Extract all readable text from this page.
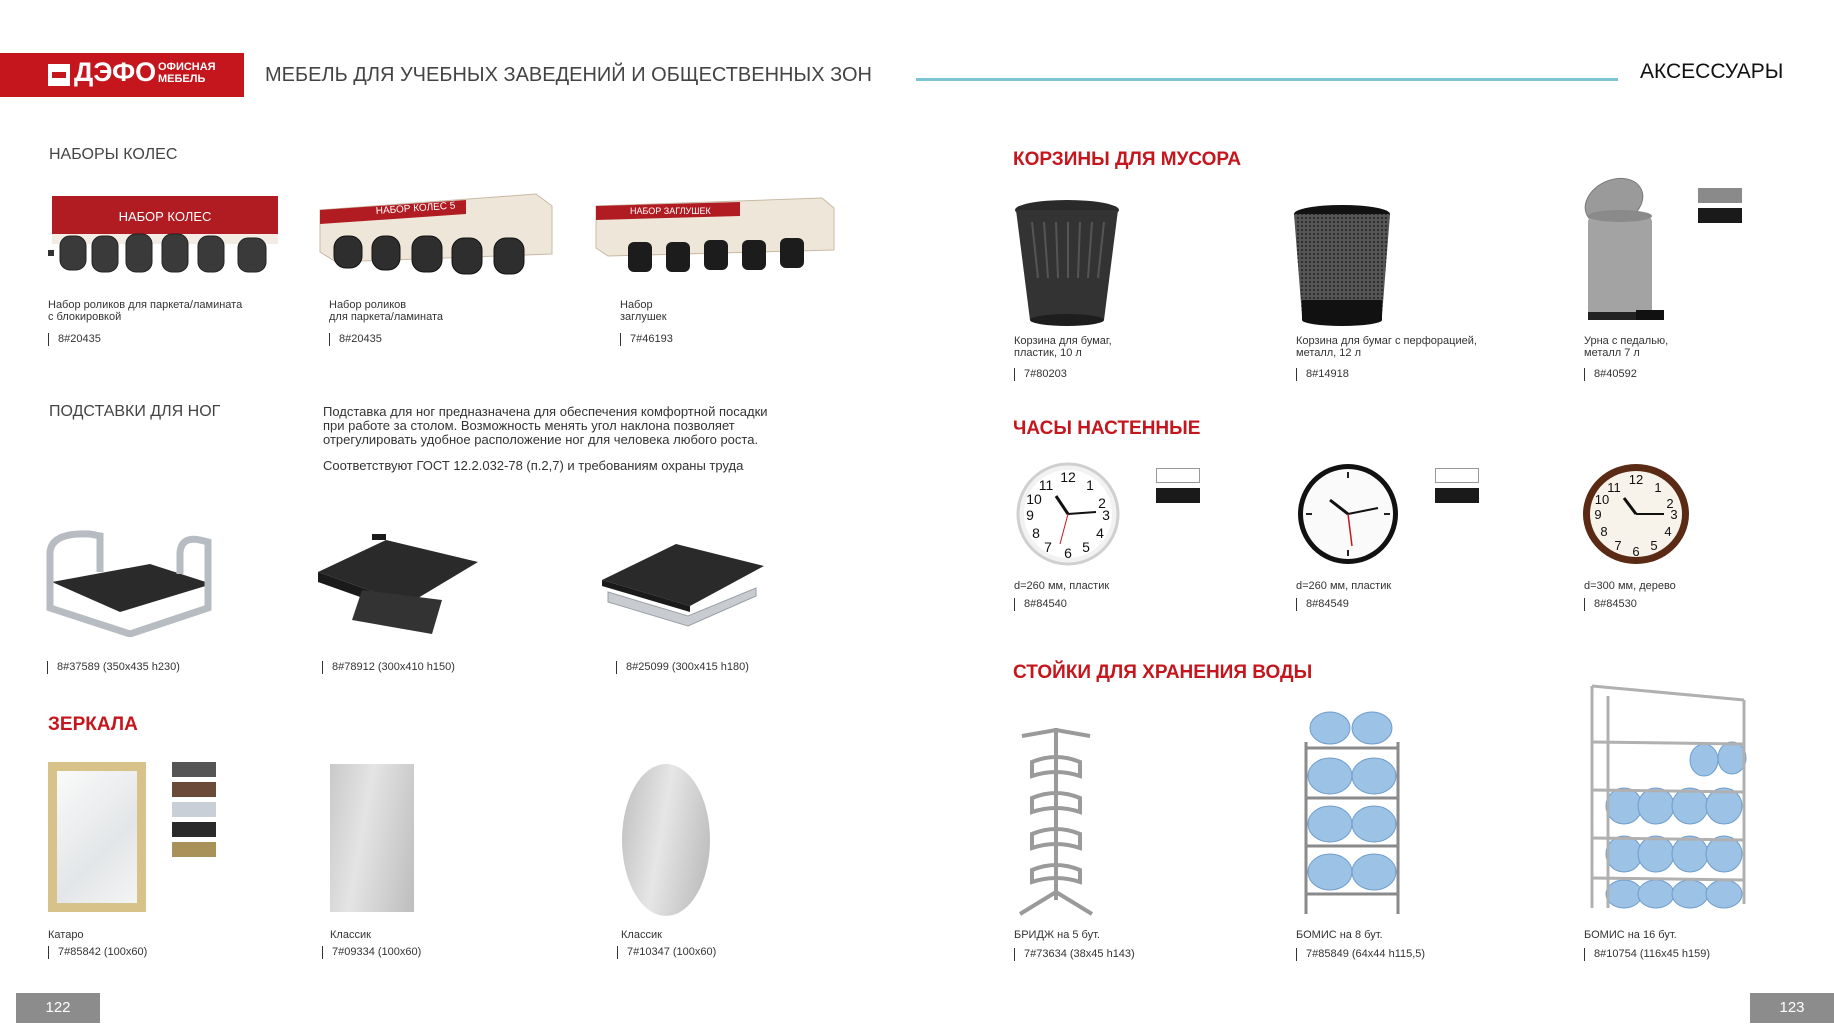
ДЭФО ОФИСНАЯ МЕБЕЛЬ	МЕБЕЛЬ ДЛЯ УЧЕБНЫХ ЗАВЕДЕНИЙ И ОБЩЕСТВЕННЫХ ЗОН	АКСЕССУАРЫ
НАБОРЫ КОЛЕС
НАБОР КОЛЕС
Набор роликов для паркета/ламината
с блокировкой
8#20435
НАБОР КОЛЕС 5
Набор роликов
для паркета/ламината
8#20435
НАБОР ЗАГЛУШЕК
Набор
заглушек
7#46193
ПОДСТАВКИ ДЛЯ НОГ	Подставка для ног предназначена для обеспечения комфортной посадки
при работе за столом. Возможность менять угол наклона позволяет
отрегулировать удобное расположение ног для человека любого роста.
Соответствуют ГОСТ 12.2.032-78 (п.2,7) и требованиям охраны труда
8#37589 (350х435 h230)	8#78912 (300х410 h150)	8#25099 (300х415 h180)
ЗЕРКАЛА
Катаро
7#85842 (100х60)
Классик
7#09334 (100х60)
Классик
7#10347 (100х60)
122
КОРЗИНЫ ДЛЯ МУСОРА
Корзина для бумаг,
пластик, 10 л
7#80203
Корзина для бумаг с перфорацией,
металл, 12 л
8#14918
Урна с педалью,
металл 7 л
8#40592
ЧАСЫ НАСТЕННЫЕ
12 1
2
3
4
5
6
7
8
9
10
11
d=260 мм, пластик
8#84540
d=260 мм, пластик
8#84549
12
1
2
3
4
5
6
7
8
9
10
11
d=300 мм, дерево
8#84530
СТОЙКИ ДЛЯ ХРАНЕНИЯ ВОДЫ
БРИДЖ на 5 бут.
7#73634 (38х45 h143)
БОМИС на 8 бут.
7#85849 (64х44 h115,5)
БОМИС на 16 бут.
8#10754 (116х45 h159)
123
